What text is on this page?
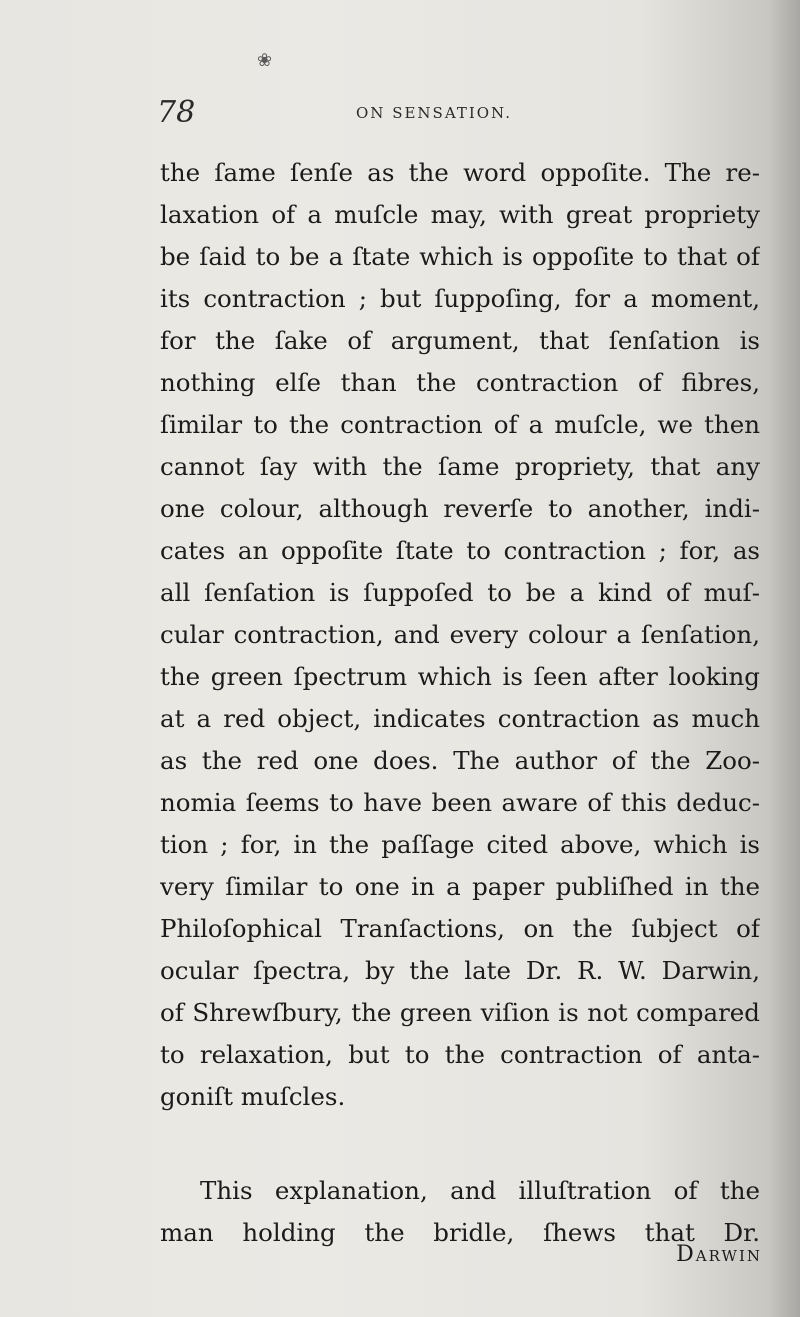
❀
78	ON SENSATION.
the ſame ſenſe as the word oppoſite. The re-
laxation of a muſcle may, with great propriety
be ſaid to be a ſtate which is oppoſite to that of
its contraction ; but ſuppoſing, for a moment,
for the ſake of argument, that ſenſation is
nothing elſe than the contraction of fibres,
ſimilar to the contraction of a muſcle, we then
cannot ſay with the ſame propriety, that any
one colour, although reverſe to another, indi-
cates an oppoſite ſtate to contraction ; for, as
all ſenſation is ſuppoſed to be a kind of muſ-
cular contraction, and every colour a ſenſation,
the green ſpectrum which is ſeen after looking
at a red object, indicates contraction as much
as the red one does. The author of the Zoo-
nomia ſeems to have been aware of this deduc-
tion ; for, in the paſſage cited above, which is
very ſimilar to one in a paper publiſhed in the
Philoſophical Tranſactions, on the ſubject of
ocular ſpectra, by the late Dr. R. W. Darwin,
of Shrewſbury, the green viſion is not compared
to relaxation, but to the contraction of anta-
goniſt muſcles.
This explanation, and illuſtration of the
man holding the bridle, ſhews that Dr.
Darwin
